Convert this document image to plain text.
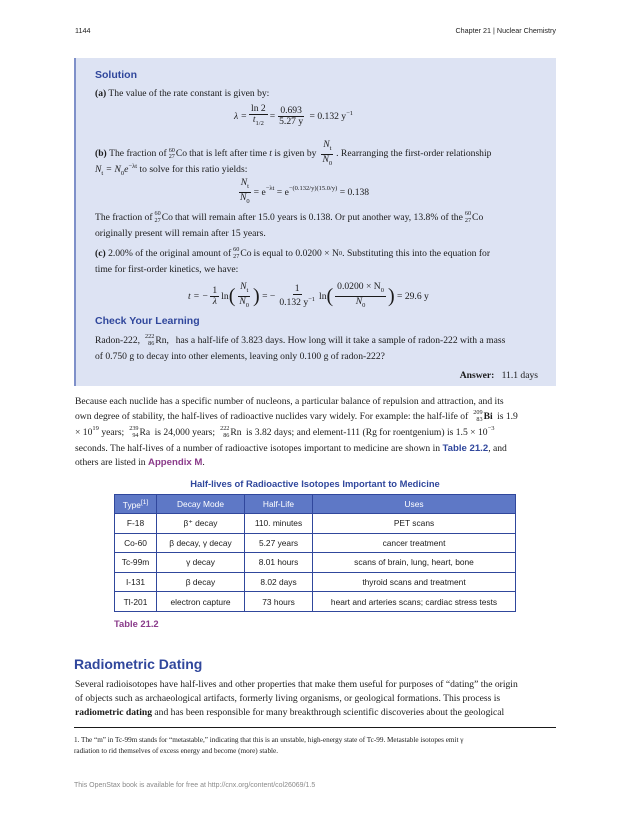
1144	Chapter 21 | Nuclear Chemistry
Solution
(a) The value of the rate constant is given by:
$\lambda = \frac{\ln 2}{t_{1/2}} = \frac{0.693}{5.27 y} = 0.132$ $y^{-1}$
(b)
The fraction of 60
27 Co that is left after time
t
is given by $\frac{N_t}{N_0}$ . Rearranging the first-order relationship
$N_t = N_0e^{-\lambda t}$ to solve for this ratio yields:
$\frac{N_t}{N_0} = e^{-\lambda t}$
= $e^{-(0.132/y)(15.0/y)}$
= 0.138
The fraction of 60
27 Co that will remain after 15.0 years is 0.138. Or put another way, 13.8% of the 60
27 Co
originally present will remain after 15 years.
(c)
2.00% of the original amount of 60
27 Co is equal to 0.0200 × N 0 . Substituting this into the equation for
time for first-order kinetics, we have:
t = − $\frac{1}{\lambda}$ ln ( $\frac{N_t}{N_0}$ )
= − $\frac{1}{0.132 y^{-1}}$ ln ( $\frac{0.0200 \times N_0}{N_0}$ )
= 29.6 y
Check Your Learning
Radon-222, 222
86 Rn,
has a half-life of 3.823 days. How long will it take a sample of radon-222 with a mass
of 0.750 g to decay into other elements, leaving only 0.100 g of radon-222?
Answer: 11.1 days
Because each nuclide has a specific number of nucleons, a particular balance of repulsion and attraction, and its
own degree of stability, the half-lives of radioactive nuclides vary widely. For example: the half-life of 209
83 Bi
is 1.9
× $10^{19}$
years; 239
94 Ra
is 24,000 years; 222
86 Rn
is 3.82 days; and element-111 (Rg for roentgenium) is $1.5 \times 10^{-3}$
seconds. The half-lives of a number of radioactive isotopes important to medicine are shown in Table 21.2, and
others are listed in Appendix M.
Half-lives of Radioactive Isotopes Important to Medicine
Type[1]	Decay Mode	Half-Life	Uses
F-18	β⁺ decay	110. minutes	PET scans
Co-60	β decay, γ decay	5.27 years	cancer treatment
Tc-99m	γ decay	8.01 hours	scans of brain, lung, heart, bone
I-131	β decay	8.02 days	thyroid scans and treatment
Tl-201	electron capture	73 hours	heart and arteries scans; cardiac stress tests
Table 21.2
Radiometric Dating
Several radioisotopes have half-lives and other properties that make them useful for purposes of “dating” the origin
of objects such as archaeological artifacts, formerly living organisms, or geological formations. This process is
radiometric dating and has been responsible for many breakthrough scientific discoveries about the geological
1. The “m” in Tc-99m stands for “metastable,” indicating that this is an unstable, high-energy state of Tc-99. Metastable isotopes emit γ
radiation to rid themselves of excess energy and become (more) stable.
This OpenStax book is available for free at http://cnx.org/content/col26069/1.5
